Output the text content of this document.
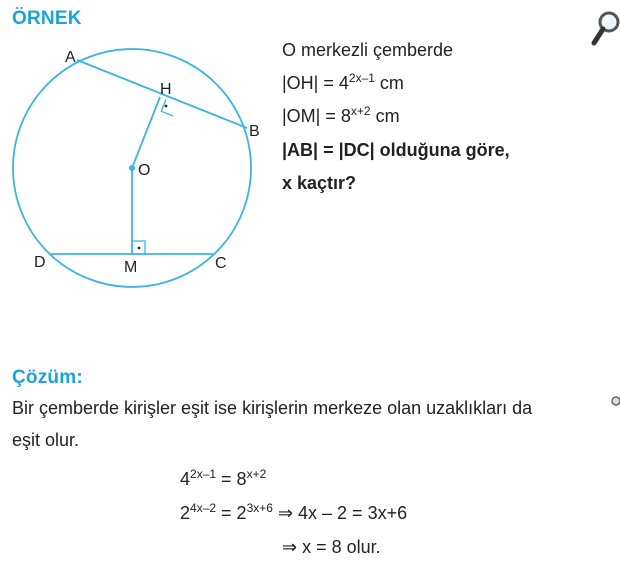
ÖRNEK
A
H
B
O
D	M	C
O merkezli çemberde
$|OH| = 4^{2x-1}$ cm
$|OM| = 8^{x+2}$ cm
|AB| = |DC| olduğuna göre,
x kaçtır?
Çözüm:
Bir çemberde kirişler eşit ise kirişlerin merkeze olan uzaklıkları da
eşit olur.
$4^{2x-1} = 8^{x+2}$
$2^{4x-2} = 2^{3x+6}$ ⇒ 4x – 2 = 3x+6
⇒ x = 8 olur.
